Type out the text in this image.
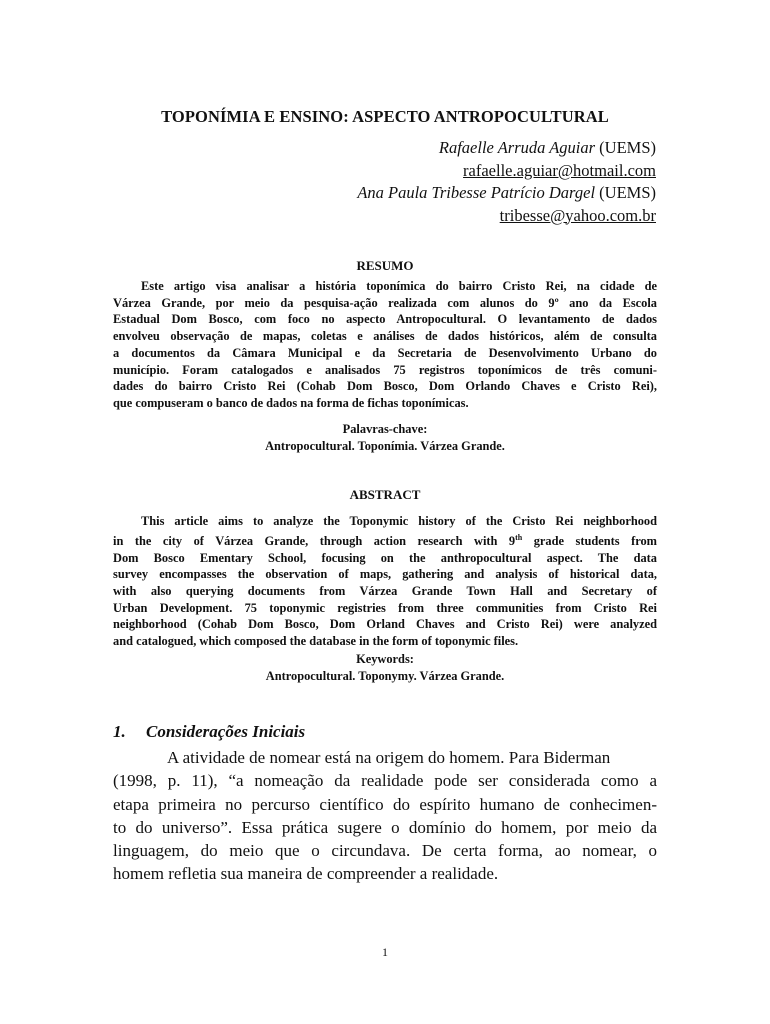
TOPONÍMIA E ENSINO: ASPECTO ANTROPOCULTURAL
Rafaelle Arruda Aguiar (UEMS)
rafaelle.aguiar@hotmail.com
Ana Paula Tribesse Patrício Dargel (UEMS)
tribesse@yahoo.com.br
RESUMO
Este artigo visa analisar a história toponímica do bairro Cristo Rei, na cidade de
Várzea Grande, por meio da pesquisa-ação realizada com alunos do 9º ano da Escola
Estadual Dom Bosco, com foco no aspecto Antropocultural. O levantamento de dados
envolveu observação de mapas, coletas e análises de dados históricos, além de consulta
a documentos da Câmara Municipal e da Secretaria de Desenvolvimento Urbano do
município. Foram catalogados e analisados 75 registros toponímicos de três comuni-
dades do bairro Cristo Rei (Cohab Dom Bosco, Dom Orlando Chaves e Cristo Rei),
que compuseram o banco de dados na forma de fichas toponímicas.
Palavras-chave:
Antropocultural. Toponímia. Várzea Grande.
ABSTRACT
This article aims to analyze the Toponymic history of the Cristo Rei neighborhood
in the city of Várzea Grande, through action research with 9th grade students from
Dom Bosco Ementary School, focusing on the anthropocultural aspect. The data
survey encompasses the observation of maps, gathering and analysis of historical data,
with also querying documents from Várzea Grande Town Hall and Secretary of
Urban Development. 75 toponymic registries from three communities from Cristo Rei
neighborhood (Cohab Dom Bosco, Dom Orland Chaves and Cristo Rei) were analyzed
and catalogued, which composed the database in the form of toponymic files.
Keywords:
Antropocultural. Toponymy. Várzea Grande.
1. Considerações Iniciais
A atividade de nomear está na origem do homem. Para Biderman
(1998, p. 11), “a nomeação da realidade pode ser considerada como a
etapa primeira no percurso científico do espírito humano de conhecimen-
to do universo”. Essa prática sugere o domínio do homem, por meio da
linguagem, do meio que o circundava. De certa forma, ao nomear, o
homem refletia sua maneira de compreender a realidade.
1
